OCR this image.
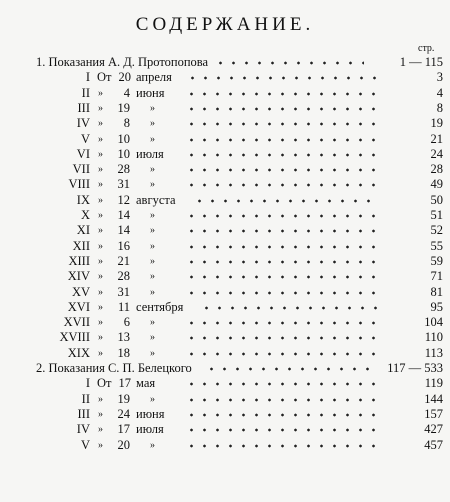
СОДЕРЖАНИЕ.
стр.
1. Показания А. Д. Протопопова	1 — 115
I От 20 апреля	3
II »	4 июня	4
III »	19 »	8
IV »	8 »	19
V »	10 »	21
VI »	10 июля	24
VII »	28 »	28
VIII »	31 »	49
IX »	12 августа	50
X »	14 »	51
XI »	14 »	52
XII »	16 »	55
XIII »	21 »	59
XIV »	28 »	71
XV »	31 »	81
XVI »	11 сентября	95
XVII »	6 »	104
XVIII »	13 »	110
XIX »	18 »	113
2. Показания С. П. Белецкого	117 — 533
I От 17 мая	119
II »	19 »	144
III »	24 июня	157
IV »	17 июля	427
V »	20 »	457
